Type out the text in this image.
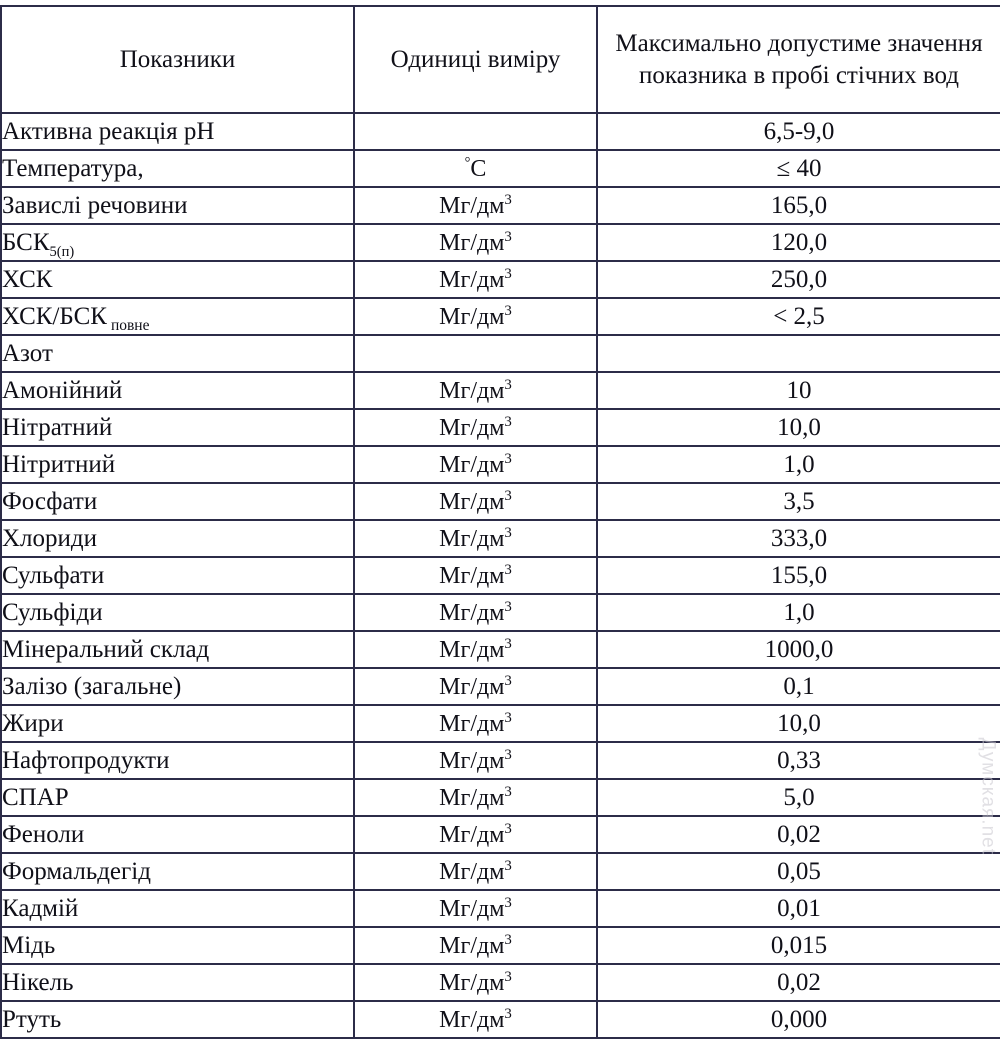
Показники	Одиниці виміру	Максимально допустиме значення показника в пробі стічних вод
Активна реакція pH		6,5-9,0
Температура,	°C	≤ 40
Завислі речовини	$Мг/дм^3$	165,0
$БСК_{5(п)}$	$Мг/дм^3$	120,0
ХСК	$Мг/дм^3$	250,0
ХСК/БСК $_{повне}$	$Мг/дм^3$	< 2,5
Азот		
Амонійний	$Мг/дм^3$	10
Нітратний	$Мг/дм^3$	10,0
Нітритний	$Мг/дм^3$	1,0
Фосфати	$Мг/дм^3$	3,5
Хлориди	$Мг/дм^3$	333,0
Сульфати	$Мг/дм^3$	155,0
Сульфіди	$Мг/дм^3$	1,0
Мінеральний склад	$Мг/дм^3$	1000,0
Залізо (загальне)	$Мг/дм^3$	0,1
Жири	$Мг/дм^3$	10,0
Нафтопродукти	$Мг/дм^3$	0,33
СПАР	$Мг/дм^3$	5,0
Феноли	$Мг/дм^3$	0,02
Формальдегід	$Мг/дм^3$	0,05
Кадмій	$Мг/дм^3$	0,01
Мідь	$Мг/дм^3$	0,015
Нікель	$Мг/дм^3$	0,02
Ртуть	$Мг/дм^3$	0,000
Думская.net
